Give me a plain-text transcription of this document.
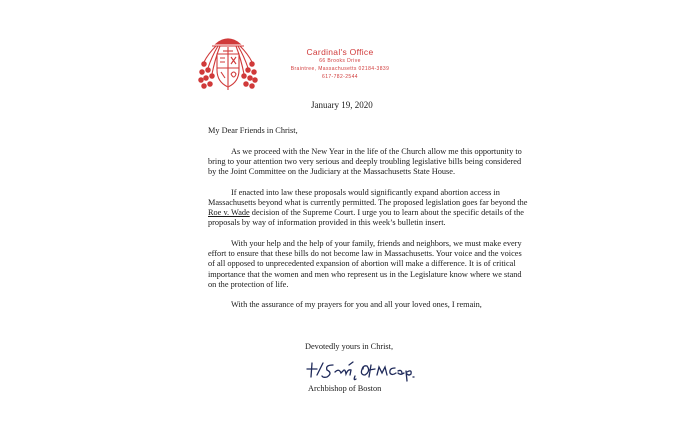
Cardinal's Office
66 Brooks Drive
Braintree, Massachusetts 02184-3839
617-782-2544
January 19, 2020

My Dear Friends in Christ,

As we proceed with the New Year in the life of the Church allow me this opportunity to bring to your attention two very serious and deeply troubling legislative bills being considered by the Joint Committee on the Judiciary at the Massachusetts State House.

If enacted into law these proposals would significantly expand abortion access in Massachusetts beyond what is currently permitted. The proposed legislation goes far beyond the Roe v. Wade decision of the Supreme Court. I urge you to learn about the specific details of the proposals by way of information provided in this week’s bulletin insert.

With your help and the help of your family, friends and neighbors, we must make every effort to ensure that these bills do not become law in Massachusetts. Your voice and the voices of all opposed to unprecedented expansion of abortion will make a difference. It is of critical importance that the women and men who represent us in the Legislature know where we stand on the protection of life.

With the assurance of my prayers for you and all your loved ones, I remain,

Devotedly yours in Christ,
Archbishop of Boston
